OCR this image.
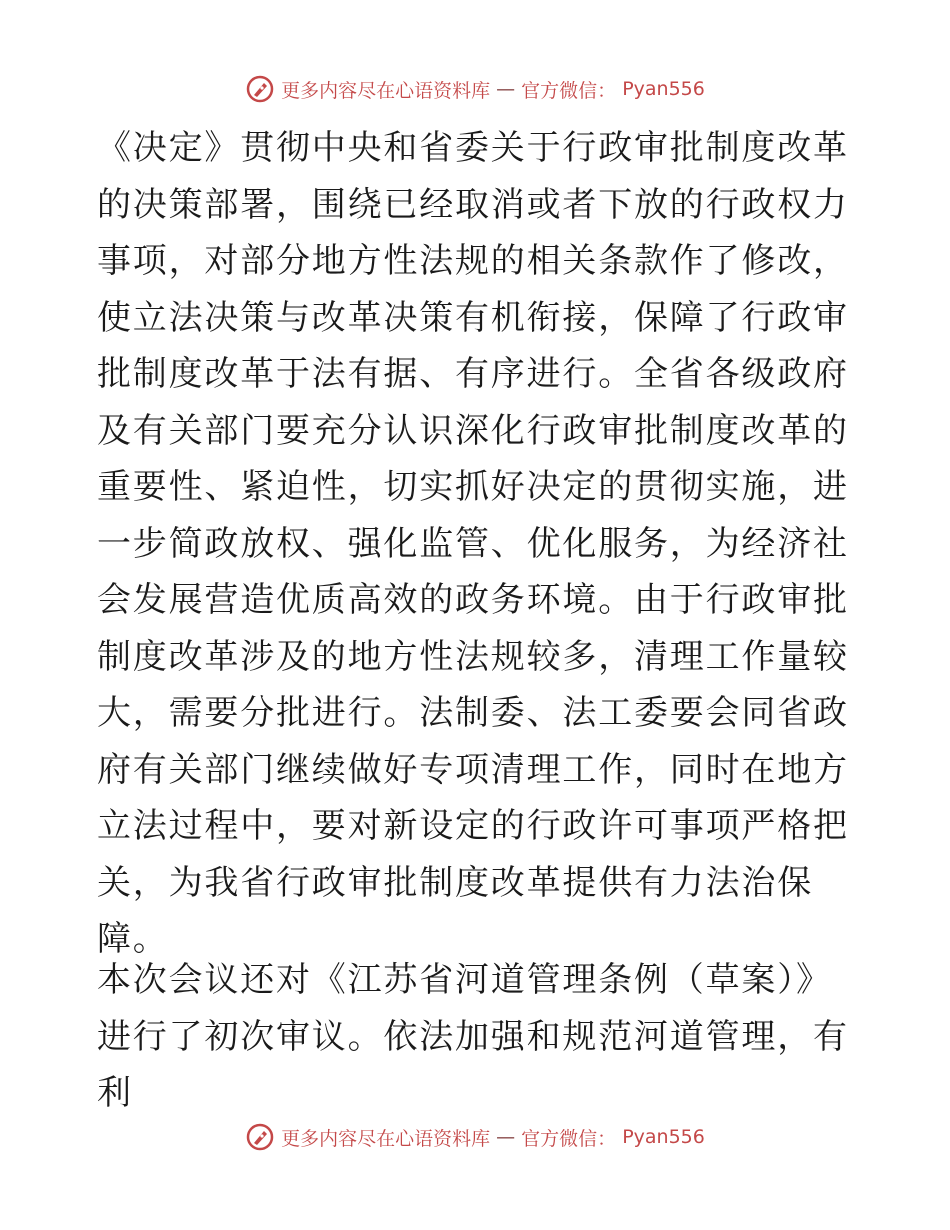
更多内容尽在心语资料库 — 官方微信： Pyan556

《决定》贯彻中央和省委关于行政审批制度改革的决策部署，围绕已经取消或者下放的行政权力事项，对部分地方性法规的相关条款作了修改，使立法决策与改革决策有机衔接，保障了行政审批制度改革于法有据、有序进行。全省各级政府及有关部门要充分认识深化行政审批制度改革的重要性、紧迫性，切实抓好决定的贯彻实施，进一步简政放权、强化监管、优化服务，为经济社会发展营造优质高效的政务环境。由于行政审批制度改革涉及的地方性法规较多，清理工作量较大，需要分批进行。法制委、法工委要会同省政府有关部门继续做好专项清理工作，同时在地方立法过程中，要对新设定的行政许可事项严格把关，为我省行政审批制度改革提供有力法治保障。

本次会议还对《江苏省河道管理条例（草案）》进行了初次审议。依法加强和规范河道管理，有利

更多内容尽在心语资料库 — 官方微信： Pyan556
